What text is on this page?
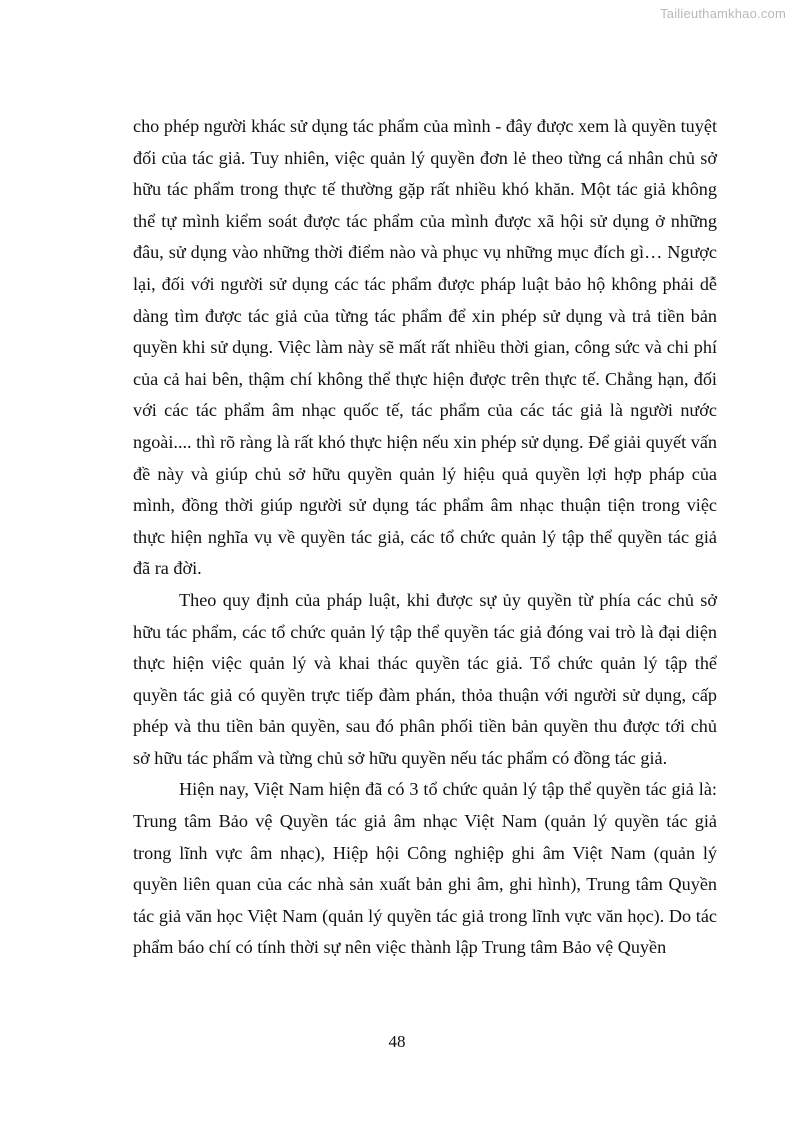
Tailieuthamkhao.com

cho phép người khác sử dụng tác phẩm của mình - đây được xem là quyền tuyệt đối của tác giả. Tuy nhiên, việc quản lý quyền đơn lẻ theo từng cá nhân chủ sở hữu tác phẩm trong thực tế thường gặp rất nhiều khó khăn. Một tác giả không thể tự mình kiểm soát được tác phẩm của mình được xã hội sử dụng ở những đâu, sử dụng vào những thời điểm nào và phục vụ những mục đích gì… Ngược lại, đối với người sử dụng các tác phẩm được pháp luật bảo hộ không phải dễ dàng tìm được tác giả của từng tác phẩm để xin phép sử dụng và trả tiền bản quyền khi sử dụng. Việc làm này sẽ mất rất nhiều thời gian, công sức và chi phí của cả hai bên, thậm chí không thể thực hiện được trên thực tế. Chẳng hạn, đối với các tác phẩm âm nhạc quốc tế, tác phẩm của các tác giả là người nước ngoài.... thì rõ ràng là rất khó thực hiện nếu xin phép sử dụng. Để giải quyết vấn đề này và giúp chủ sở hữu quyền quản lý hiệu quả quyền lợi hợp pháp của mình, đồng thời giúp người sử dụng tác phẩm âm nhạc thuận tiện trong việc thực hiện nghĩa vụ về quyền tác giả, các tổ chức quản lý tập thể quyền tác giả đã ra đời.

Theo quy định của pháp luật, khi được sự ủy quyền từ phía các chủ sở hữu tác phẩm, các tổ chức quản lý tập thể quyền tác giả đóng vai trò là đại diện thực hiện việc quản lý và khai thác quyền tác giả. Tổ chức quản lý tập thể quyền tác giả có quyền trực tiếp đàm phán, thỏa thuận với người sử dụng, cấp phép và thu tiền bản quyền, sau đó phân phối tiền bản quyền thu được tới chủ sở hữu tác phẩm và từng chủ sở hữu quyền nếu tác phẩm có đồng tác giả.

Hiện nay, Việt Nam hiện đã có 3 tổ chức quản lý tập thể quyền tác giả là: Trung tâm Bảo vệ Quyền tác giả âm nhạc Việt Nam (quản lý quyền tác giả trong lĩnh vực âm nhạc), Hiệp hội Công nghiệp ghi âm Việt Nam (quản lý quyền liên quan của các nhà sản xuất bản ghi âm, ghi hình), Trung tâm Quyền tác giả văn học Việt Nam (quản lý quyền tác giả trong lĩnh vực văn học). Do tác phẩm báo chí có tính thời sự nên việc thành lập Trung tâm Bảo vệ Quyền

48
